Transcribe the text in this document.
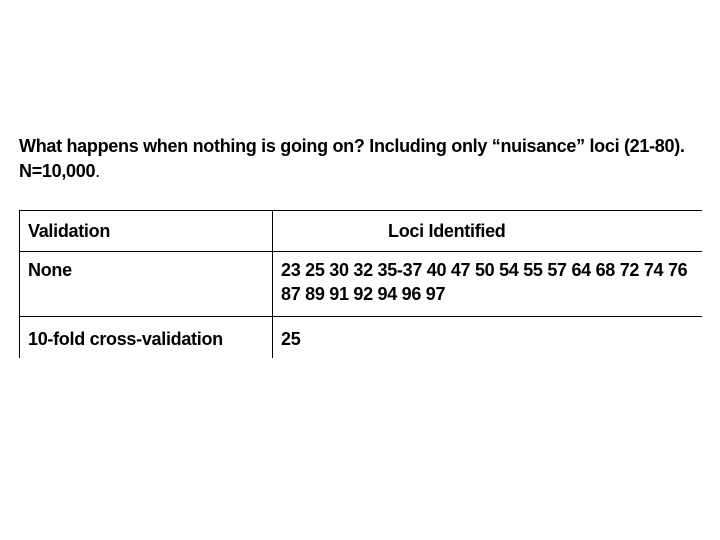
What happens when nothing is going on? Including only “nuisance” loci (21-80).
N=10,000.
Validation	Loci Identified

None	23 25 30 32 35-37 40 47 50 54 55 57 64 68 72 74 76
87 89 91 92 94 96 97

10-fold cross-validation	25
